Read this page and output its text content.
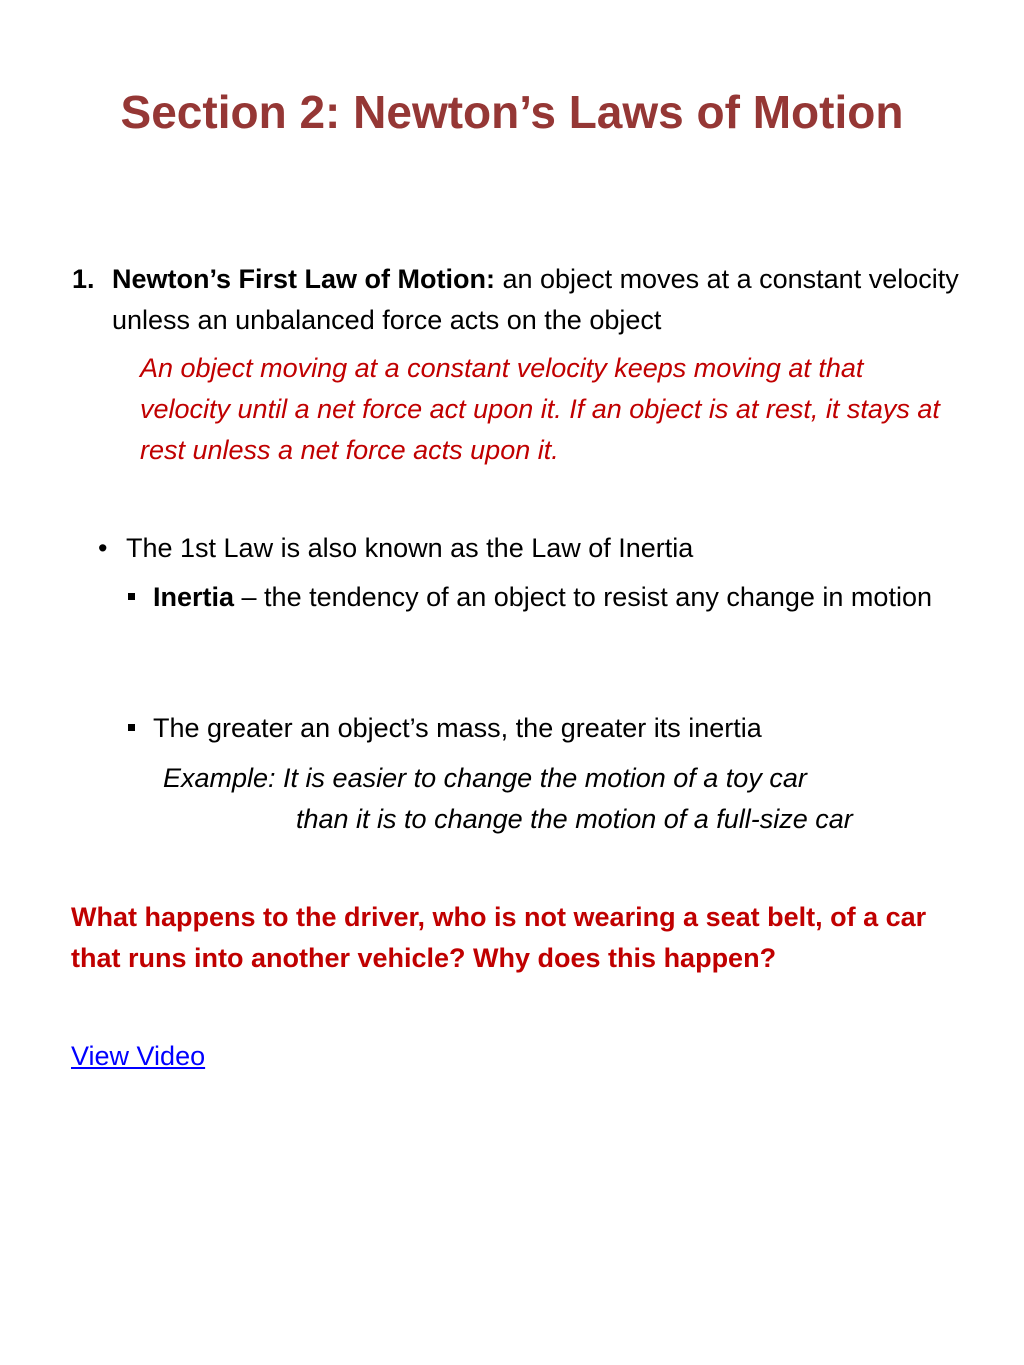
Section 2: Newton’s Laws of Motion
1. Newton’s First Law of Motion: an object moves at a constant velocity unless an unbalanced force acts on the object

An object moving at a constant velocity keeps moving at that velocity until a net force act upon it. If an object is at rest, it stays at rest unless a net force acts upon it.

• The 1st Law is also known as the Law of Inertia

Inertia – the tendency of an object to resist any change in motion

The greater an object’s mass, the greater its inertia

Example: It is easier to change the motion of a toy car

than it is to change the motion of a full-size car

What happens to the driver, who is not wearing a seat belt, of a car that runs into another vehicle? Why does this happen?

View Video
